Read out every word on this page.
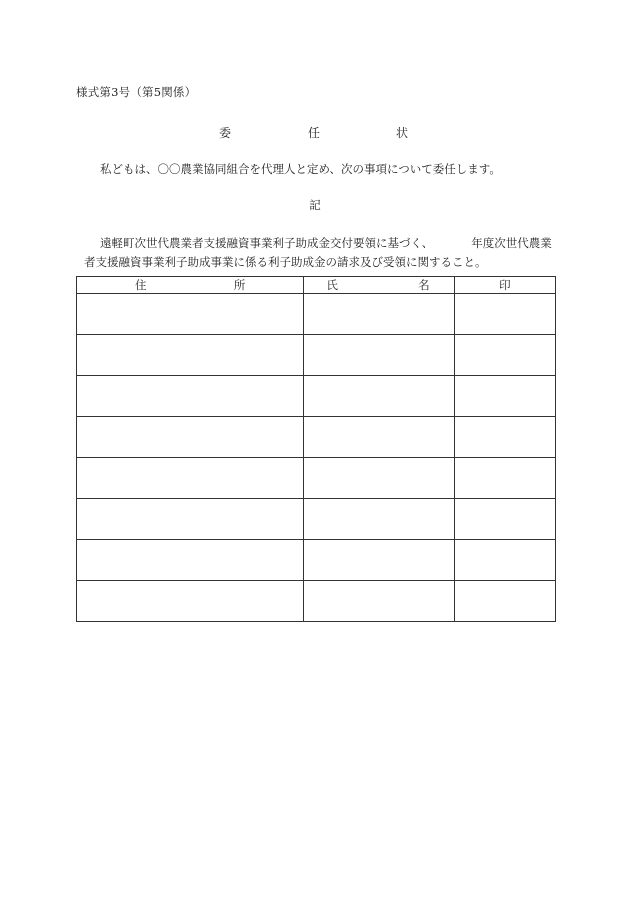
様式第3号（第5関係）
委	任	状
私どもは、〇〇農業協同組合を代理人と定め、次の事項について委任します。
記
遠軽町次世代農業者支援融資事業利子助成金交付要領に基づく、	年度次世代農業
者支援融資事業利子助成事業に係る利子助成金の請求及び受領に関すること。
住 所	氏 名	印
